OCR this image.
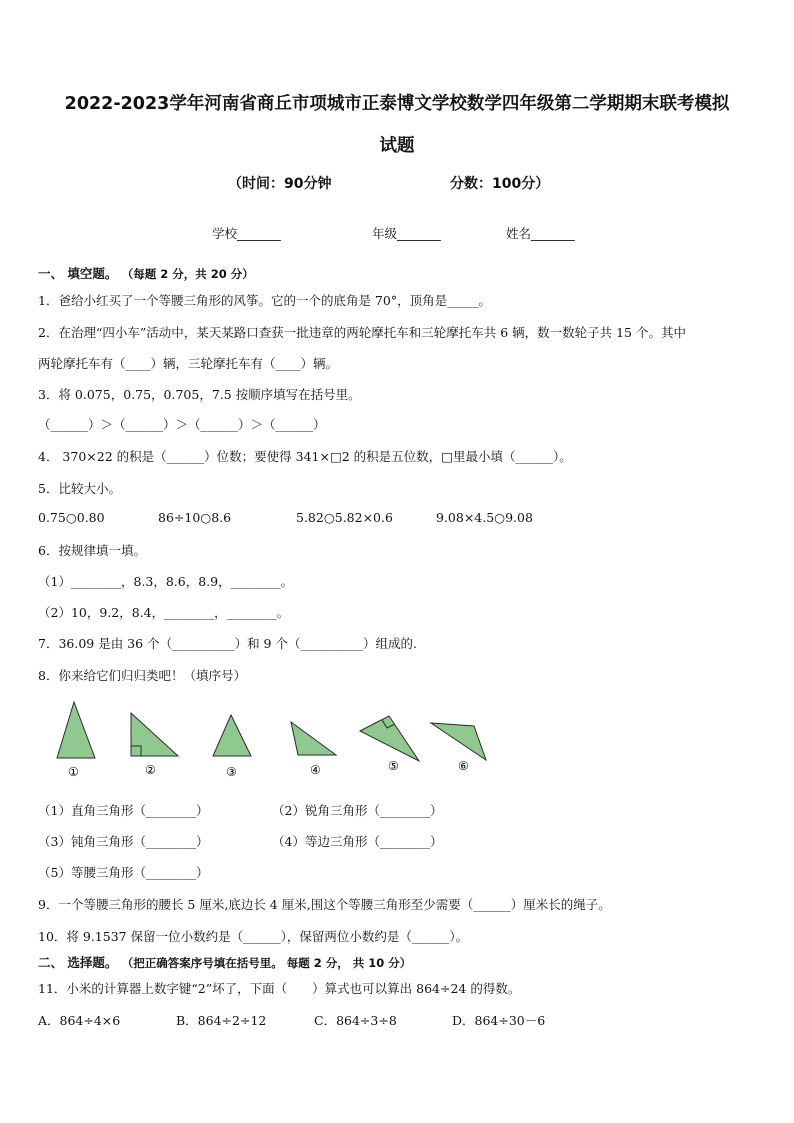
2022-2023学年河南省商丘市项城市正泰博文学校数学四年级第二学期期末联考模拟
试题
（时间：90分钟	分数：100分）
学校_______	年级_______	姓名_______
一、 填空题。 （每题 2 分，共 20 分）
1．爸给小红买了一个等腰三角形的风筝。它的一个的底角是 70°，顶角是_____。
2．在治理“四小车”活动中，某天某路口查获一批违章的两轮摩托车和三轮摩托车共 6 辆，数一数轮子共 15 个。其中
两轮摩托车有（____）辆，三轮摩托车有（____）辆。
3．将 0.075，0.75，0.705，7.5 按顺序填写在括号里。
（______）＞（______）＞（______）＞（______）
4． 370×22 的积是（______）位数；要使得 341×□2 的积是五位数，□里最小填（______）。
5．比较大小。
0.75○0.80	86÷10○8.6	5.82○5.82×0.6	9.08×4.5○9.08
6．按规律填一填。
（1）________，8.3，8.6，8.9，________。
（2）10，9.2，8.4，________，________。
7．36.09 是由 36 个（__________）和 9 个（__________）组成的.
8．你来给它们归归类吧！（填序号）
①	②	③	④	⑤	⑥
（1）直角三角形（________）	（2）锐角三角形（________）
（3）钝角三角形（________）	（4）等边三角形（________）
（5）等腰三角形（________）
9．一个等腰三角形的腰长 5 厘米,底边长 4 厘米,围这个等腰三角形至少需要（______）厘米长的绳子。
10．将 9.1537 保留一位小数约是（______），保留两位小数约是（______）。
二、 选择题。 （把正确答案序号填在括号里。 每题 2 分， 共 10 分）
11．小米的计算器上数字键“2”坏了，下面（　　）算式也可以算出 864÷24 的得数。
A．864÷4×6	B．864÷2÷12	C．864÷3÷8	D．864÷30－6
